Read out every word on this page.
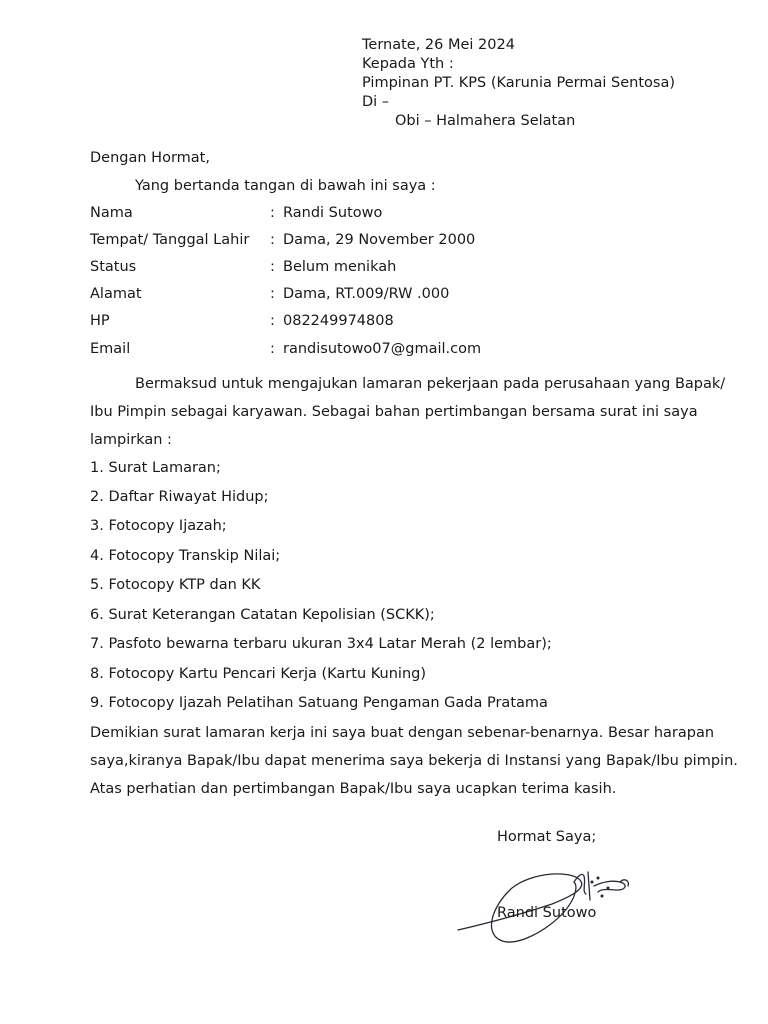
Ternate, 26 Mei 2024
Kepada Yth :
Pimpinan PT. KPS (Karunia Permai Sentosa)
Di –
Obi – Halmahera Selatan
Dengan Hormat,
Yang bertanda tangan di bawah ini saya :
Nama	: Randi Sutowo
Tempat/ Tanggal Lahir : Dama, 29 November 2000
Status	: Belum menikah
Alamat	: Dama, RT.009/RW .000
HP	: 082249974808
Email	: randisutowo07@gmail.com
Bermaksud untuk mengajukan lamaran pekerjaan pada perusahaan yang Bapak/
Ibu Pimpin sebagai karyawan. Sebagai bahan pertimbangan bersama surat ini saya
lampirkan :
1. Surat Lamaran;
2. Daftar Riwayat Hidup;
3. Fotocopy Ijazah;
4. Fotocopy Transkip Nilai;
5. Fotocopy KTP dan KK
6. Surat Keterangan Catatan Kepolisian (SCKK);
7. Pasfoto bewarna terbaru ukuran 3x4 Latar Merah (2 lembar);
8. Fotocopy Kartu Pencari Kerja (Kartu Kuning)
9. Fotocopy Ijazah Pelatihan Satuang Pengaman Gada Pratama
Demikian surat lamaran kerja ini saya buat dengan sebenar-benarnya. Besar harapan
saya,kiranya Bapak/Ibu dapat menerima saya bekerja di Instansi yang Bapak/Ibu pimpin.
Atas perhatian dan pertimbangan Bapak/Ibu saya ucapkan terima kasih.
Hormat Saya;
Randi Sutowo
